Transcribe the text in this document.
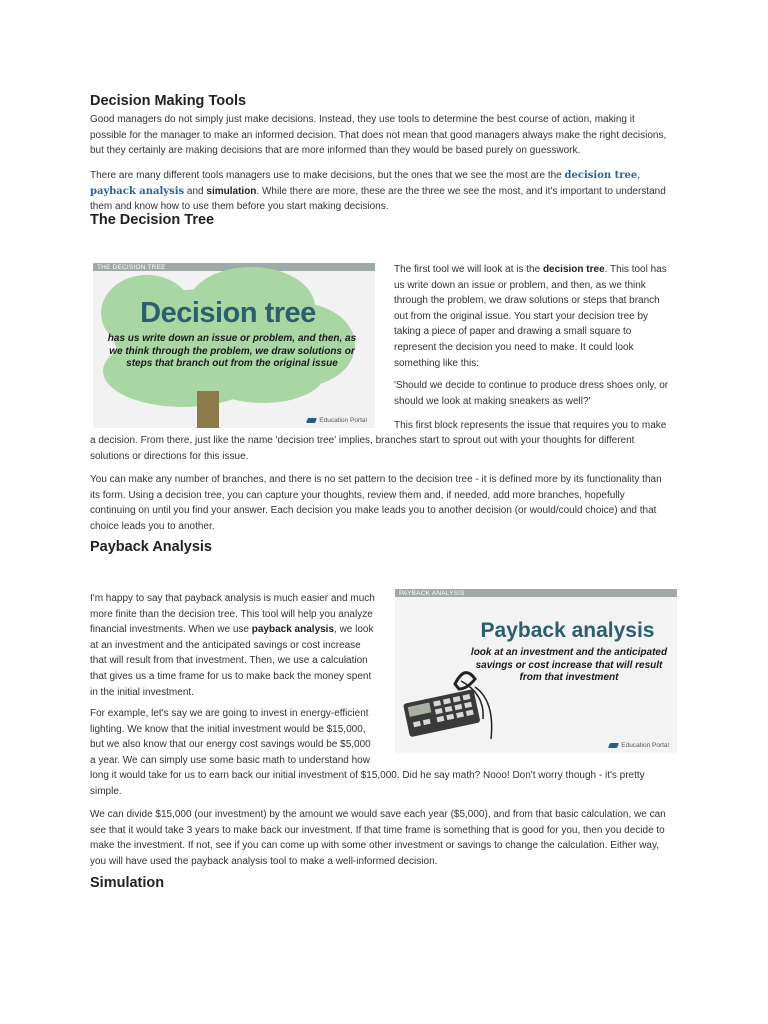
Decision Making Tools

Good managers do not simply just make decisions. Instead, they use tools to determine the best course of action, making it possible for the manager to make an informed decision. That does not mean that good managers always make the right decisions, but they certainly are making decisions that are more informed than they would be based purely on guesswork.

There are many different tools managers use to make decisions, but the ones that we see the most are the decision tree, payback analysis and simulation. While there are more, these are the three we see the most, and it's important to understand them and know how to use them before you start making decisions.

The Decision Tree
THE DECISION TREE
Decision tree
has us write down an issue or problem, and then, as we think through the problem, we draw solutions or steps that branch out from the original issue
Education Portal

The first tool we will look at is the decision tree. This tool has us write down an issue or problem, and then, as we think through the problem, we draw solutions or steps that branch out from the original issue. You start your decision tree by taking a piece of paper and drawing a small square to represent the decision you need to make. It could look something like this:

'Should we decide to continue to produce dress shoes only, or should we look at making sneakers as well?'

This first block represents the issue that requires you to make

a decision. From there, just like the name 'decision tree' implies, branches start to sprout out with your thoughts for different solutions or directions for this issue.

You can make any number of branches, and there is no set pattern to the decision tree - it is defined more by its functionality than its form. Using a decision tree, you can capture your thoughts, review them and, if needed, add more branches, hopefully continuing on until you find your answer. Each decision you make leads you to another decision (or would/could choice) and that choice leads you to another.

Payback Analysis

I'm happy to say that payback analysis is much easier and much more finite than the decision tree. This tool will help you analyze financial investments. When we use payback analysis, we look at an investment and the anticipated savings or cost increase that will result from that investment. Then, we use a calculation that gives us a time frame for us to make back the money spent in the initial investment.

PAYBACK ANALYSIS
Payback analysis
look at an investment and the anticipated savings or cost increase that will result from that investment
Education Portal

For example, let's say we are going to invest in energy-efficient lighting. We know that the initial investment would be $15,000, but we also know that our energy cost savings would be $5,000 a year. We can simply use some basic math to understand how

long it would take for us to earn back our initial investment of $15,000. Did he say math? Nooo! Don't worry though - it's pretty simple.

We can divide $15,000 (our investment) by the amount we would save each year ($5,000), and from that basic calculation, we can see that it would take 3 years to make back our investment. If that time frame is something that is good for you, then you decide to make the investment. If not, see if you can come up with some other investment or savings to change the calculation. Either way, you will have used the payback analysis tool to make a well-informed decision.

Simulation
